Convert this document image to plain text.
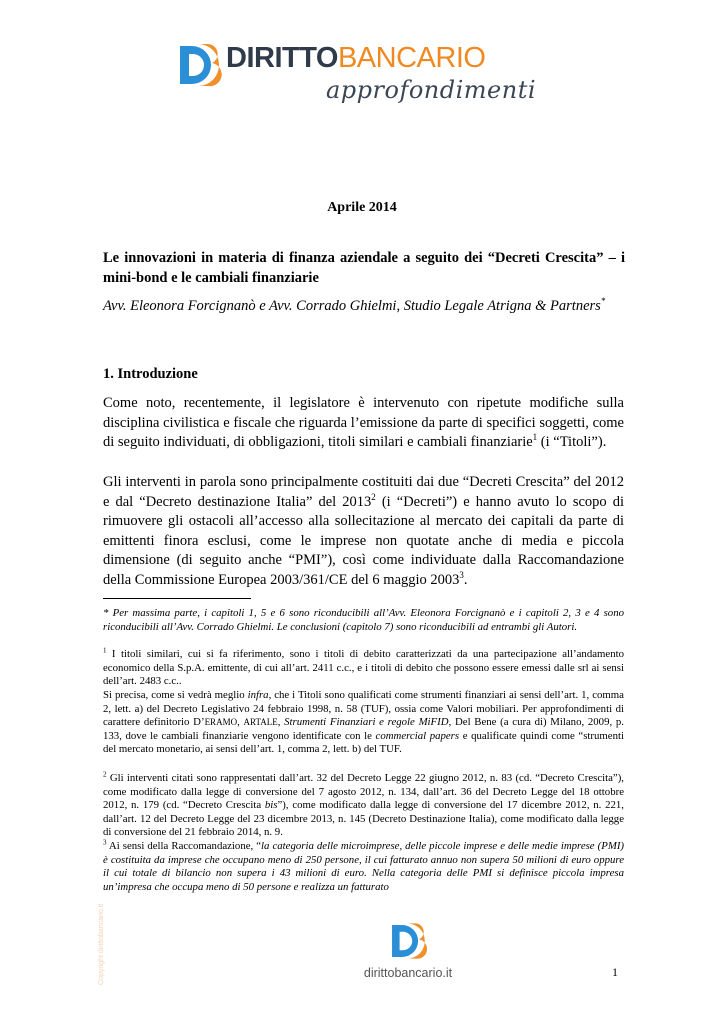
DIRITTOBANCARIO
approfondimenti
Aprile 2014
Le innovazioni in materia di finanza aziendale a seguito dei “Decreti Crescita” – i mini-bond e le cambiali finanziarie
Avv. Eleonora Forcignanò e Avv. Corrado Ghielmi, Studio Legale Atrigna & Partners*
1. Introduzione

Come noto, recentemente, il legislatore è intervenuto con ripetute modifiche sulla disciplina civilistica e fiscale che riguarda l’emissione da parte di specifici soggetti, come di seguito individuati, di obbligazioni, titoli similari e cambiali finanziarie$^1$ (i “Titoli”).

Gli interventi in parola sono principalmente costituiti dai due “Decreti Crescita” del 2012 e dal “Decreto destinazione Italia” del 2013$^2$ (i “Decreti”) e hanno avuto lo scopo di rimuovere gli ostacoli all’accesso alla sollecitazione al mercato dei capitali da parte di emittenti finora esclusi, come le imprese non quotate anche di media e piccola dimensione (di seguito anche “PMI”), così come individuate dalla Raccomandazione della Commissione Europea 2003/361/CE del 6 maggio 2003$^3$.

* Per massima parte, i capitoli 1, 5 e 6 sono riconducibili all’Avv. Eleonora Forcignanò e i capitoli 2, 3 e 4 sono riconducibili all’Avv. Corrado Ghielmi. Le conclusioni (capitolo 7) sono riconducibili ad entrambi gli Autori.

$^1$ I titoli similari, cui si fa riferimento, sono i titoli di debito caratterizzati da una partecipazione all’andamento economico della S.p.A. emittente, di cui all’art. 2411 c.c., e i titoli di debito che possono essere emessi dalle srl ai sensi dell’art. 2483 c.c..

Si precisa, come si vedrà meglio infra, che i Titoli sono qualificati come strumenti finanziari ai sensi dell’art. 1, comma 2, lett. a) del Decreto Legislativo 24 febbraio 1998, n. 58 (TUF), ossia come Valori mobiliari. Per approfondimenti di carattere definitorio D’ERAMO, ARTALE, Strumenti Finanziari e regole MiFID, Del Bene (a cura di) Milano, 2009, p. 133, dove le cambiali finanziarie vengono identificate con le commercial papers e qualificate quindi come “strumenti del mercato monetario, ai sensi dell’art. 1, comma 2, lett. b) del TUF.

$^2$ Gli interventi citati sono rappresentati dall’art. 32 del Decreto Legge 22 giugno 2012, n. 83 (cd. “Decreto Crescita”), come modificato dalla legge di conversione del 7 agosto 2012, n. 134, dall’art. 36 del Decreto Legge del 18 ottobre 2012, n. 179 (cd. “Decreto Crescita bis”), come modificato dalla legge di conversione del 17 dicembre 2012, n. 221, dall’art. 12 del Decreto Legge del 23 dicembre 2013, n. 145 (Decreto Destinazione Italia), come modificato dalla legge di conversione del 21 febbraio 2014, n. 9.

$^3$ Ai sensi della Raccomandazione, “la categoria delle microimprese, delle piccole imprese e delle medie imprese (PMI) è costituita da imprese che occupano meno di 250 persone, il cui fatturato annuo non supera 50 milioni di euro oppure il cui totale di bilancio non supera i 43 milioni di euro. Nella categoria delle PMI si definisce piccola impresa un’impresa che occupa meno di 50 persone e realizza un fatturato

Copyright dirittobancario.it	dirittobancario.it	1
